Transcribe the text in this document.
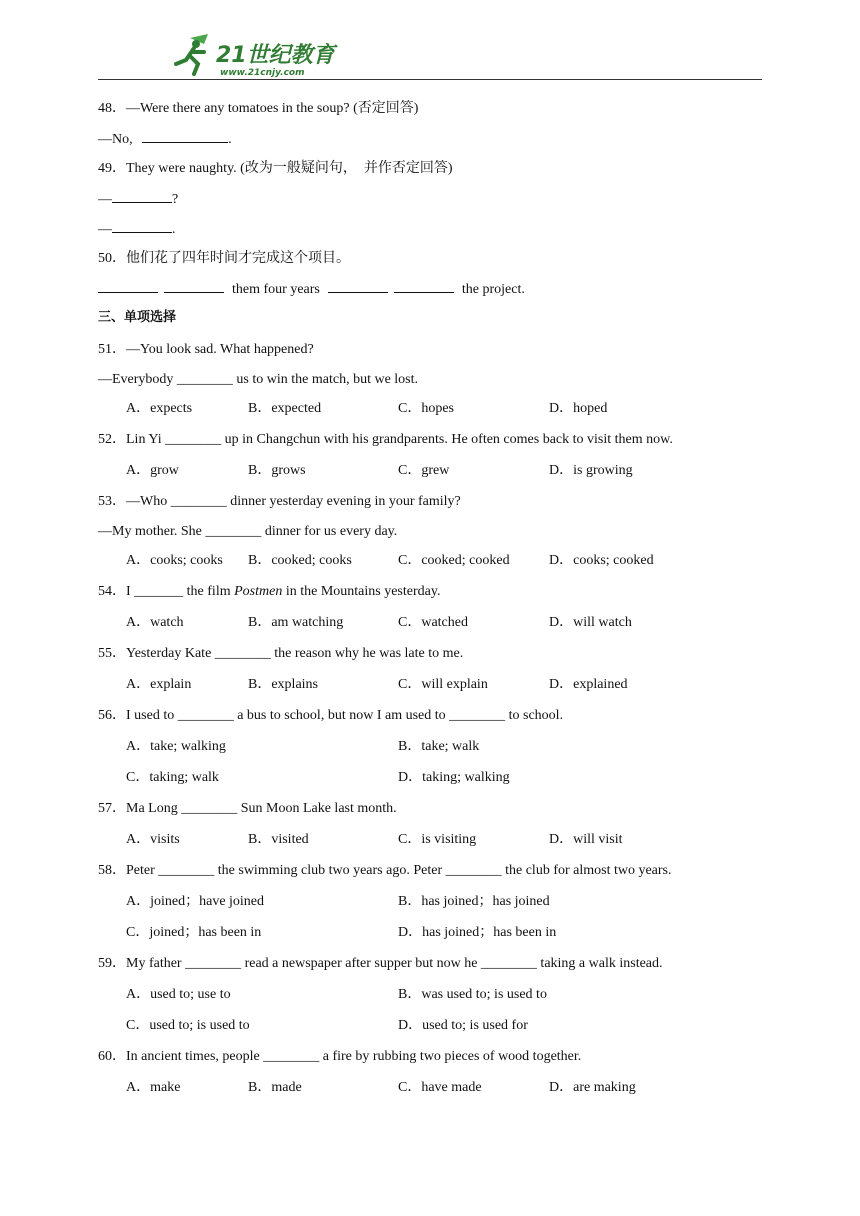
21世纪教育
www.21cnjy.com
48．—Were there any tomatoes in the soup? (否定回答)
—No,	.
49．They were naughty. (改为一般疑问句，　并作否定回答)
—	?
—	.
50．他们花了四年时间才完成这个项目。
them four years	the project.
三、单项选择
51．—You look sad. What happened?
—Everybody ________ us to win the match, but we lost.
A．expects	B．expected	C．hopes	D．hoped
52．Lin Yi ________ up in Changchun with his grandparents. He often comes back to visit them now.
A．grow	B．grows	C．grew	D．is growing
53．—Who ________ dinner yesterday evening in your family?
—My mother. She ________ dinner for us every day.
A．cooks; cooks B．cooked; cooks	C．cooked; cooked	D．cooks; cooked
54．I _______ the film Postmen in the Mountains yesterday.
A．watch	B．am watching	C．watched	D．will watch
55．Yesterday Kate ________ the reason why he was late to me.
A．explain	B．explains	C．will explain	D．explained
56．I used to ________ a bus to school, but now I am used to ________ to school.
A．take; walking	B．take; walk
C．taking; walk	D．taking; walking
57．Ma Long ________ Sun Moon Lake last month.
A．visits	B．visited	C．is visiting	D．will visit
58．Peter ________ the swimming club two years ago. Peter ________ the club for almost two years.
A．joined；have joined	B．has joined；has joined
C．joined；has been in	D．has joined；has been in
59．My father ________ read a newspaper after supper but now he ________ taking a walk instead.
A．used to; use to	B．was used to; is used to
C．used to; is used to	D．used to; is used for
60．In ancient times, people ________ a fire by rubbing two pieces of wood together.
A．make	B．made	C．have made	D．are making
